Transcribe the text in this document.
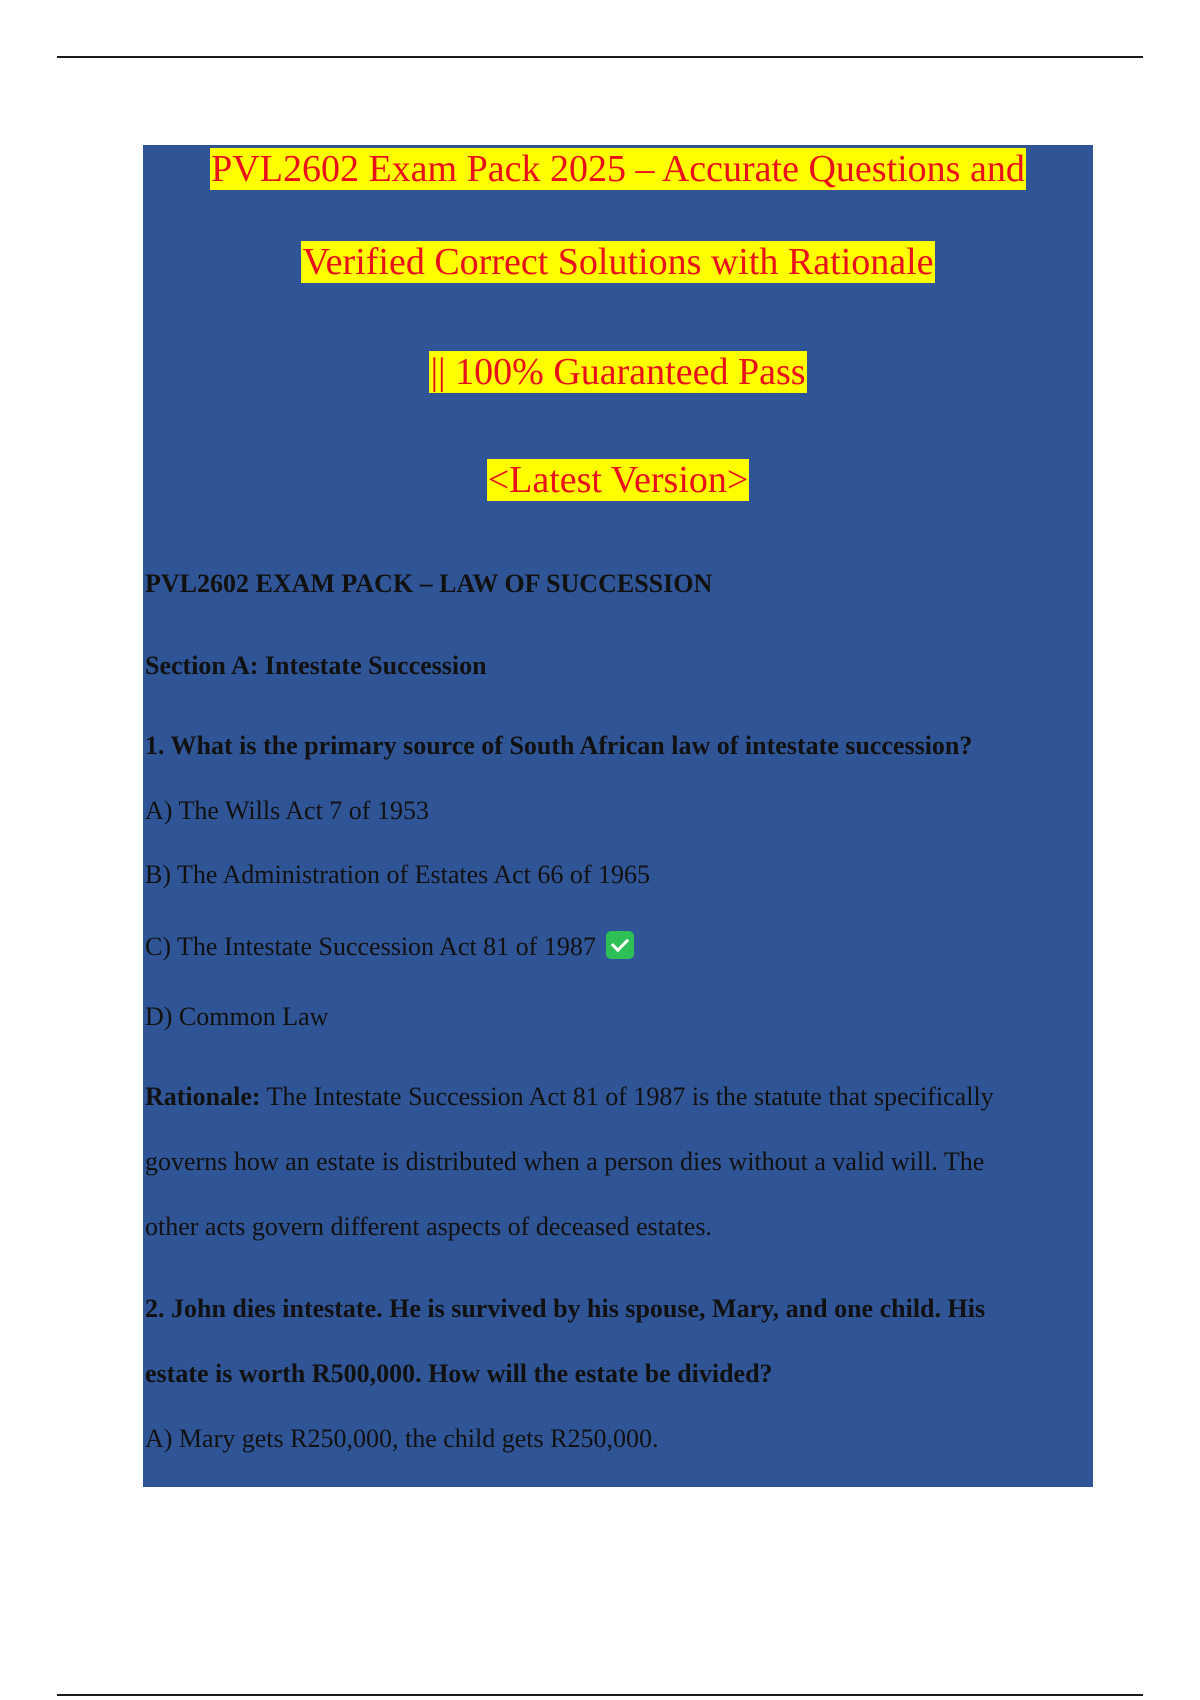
PVL2602 Exam Pack 2025 – Accurate Questions and
Verified Correct Solutions with Rationale
|| 100% Guaranteed Pass
<Latest Version>
PVL2602 EXAM PACK – LAW OF SUCCESSION
Section A: Intestate Succession
1. What is the primary source of South African law of intestate succession?
A) The Wills Act 7 of 1953
B) The Administration of Estates Act 66 of 1965
C) The Intestate Succession Act 81 of 1987
D) Common Law
Rationale: The Intestate Succession Act 81 of 1987 is the statute that specifically
governs how an estate is distributed when a person dies without a valid will. The
other acts govern different aspects of deceased estates.
2. John dies intestate. He is survived by his spouse, Mary, and one child. His
estate is worth R500,000. How will the estate be divided?
A) Mary gets R250,000, the child gets R250,000.
